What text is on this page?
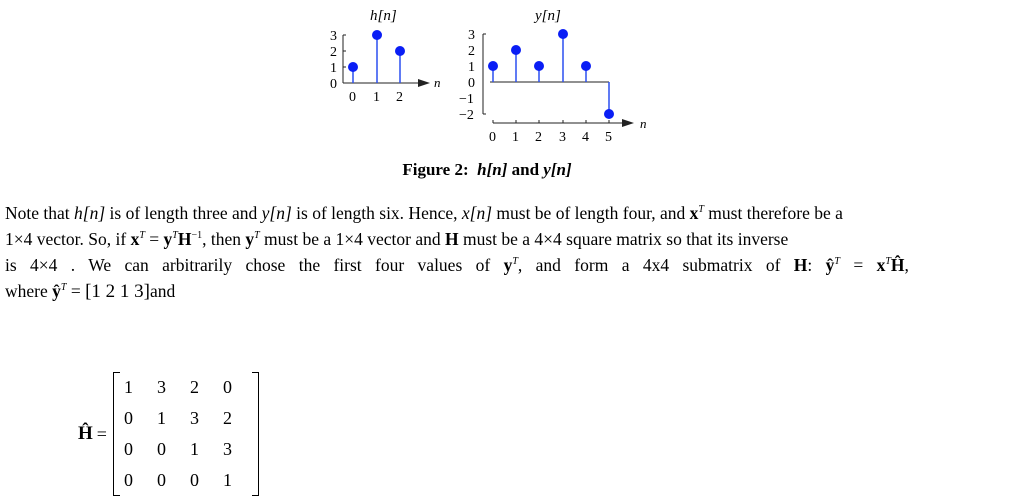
h[n]
3
2
1
0	n
0 1 2
y[n]
3
2
1
0
−1
−2
n
0 1 2 3 4 5
Figure 2: h[n] and y[n]
Note that h[n] is of length three and y[n] is of length six. Hence, x[n] must be of length four, and $x^T$ must therefore be a
1×4 vector. So, if $x^T = y^TH^{-1}$, then $y^T$ must be a 1×4 vector and H must be a 4×4 square matrix so that its inverse
is 4×4 . We can arbitrarily chose the first four values of $y^T$, and form a 4x4 submatrix of H: $ŷ^T$ = $x^TĤ$,
where $ŷ^T = [1$ 2 1 3]and
Ĥ =
1	3	2	0
0	1	3	2
0	0	1	3
0	0	0	1
